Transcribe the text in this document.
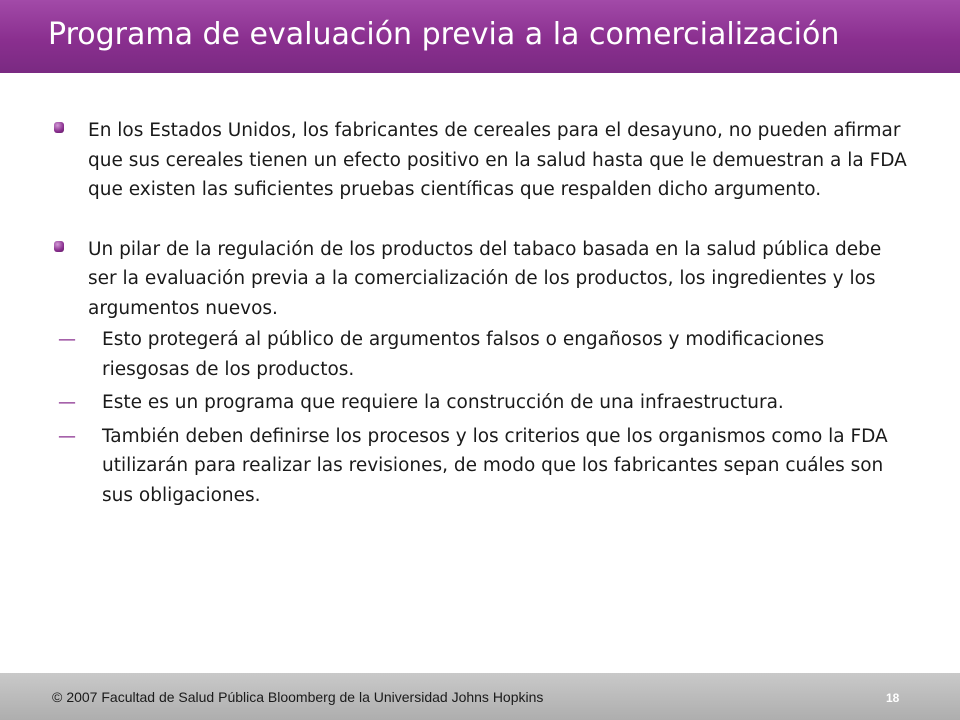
Programa de evaluación previa a la comercialización
En los Estados Unidos, los fabricantes de cereales para el desayuno, no pueden afirmar que sus cereales tienen un efecto positivo en la salud hasta que le demuestran a la FDA que existen las suficientes pruebas científicas que respalden dicho argumento.
Un pilar de la regulación de los productos del tabaco basada en la salud pública debe ser la evaluación previa a la comercialización de los productos, los ingredientes y los argumentos nuevos.
—	Esto protegerá al público de argumentos falsos o engañosos y modificaciones riesgosas de los productos.
—	Este es un programa que requiere la construcción de una infraestructura.
—	También deben definirse los procesos y los criterios que los organismos como la FDA utilizarán para realizar las revisiones, de modo que los fabricantes sepan cuáles son sus obligaciones.
© 2007 Facultad de Salud Pública Bloomberg de la Universidad Johns Hopkins	18
